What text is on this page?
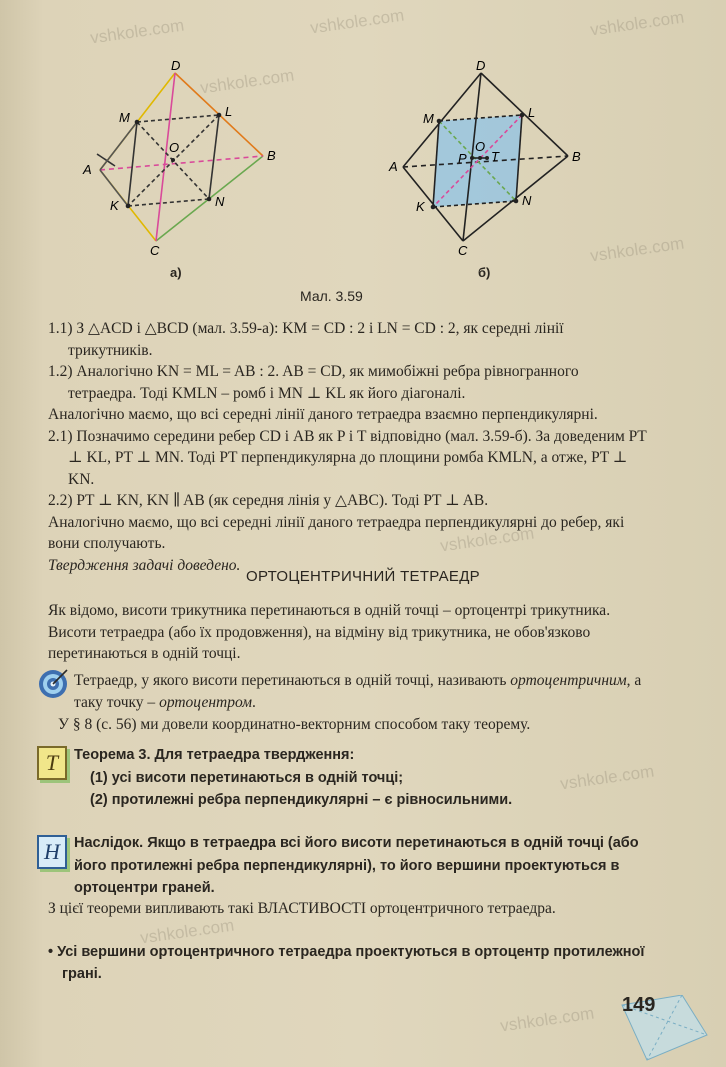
vshkole.com	vshkole.com	vshkole.com
vshkole.com
vshkole.com
vshkole.com
vshkole.com
vshkole.com
vshkole.com
D
M	L
O
A
B
K	N
C
а)
D
M	L
P
O
T
A
B
K	N
C
б)
Мал. 3.59

1.1) З △ACD і △BCD (мал. 3.59-а): KM = CD : 2 і LN = CD : 2, як середні лінії трикутників.

1.2) Аналогічно KN = ML = AB : 2. AB = CD, як мимобіжні ребра рівногранного тетраедра. Тоді KMLN – ромб і MN ⊥ KL як його діагоналі.

Аналогічно маємо, що всі середні лінії даного тетраедра взаємно перпендикулярні.

2.1) Позначимо середини ребер CD і AB як P і T відповідно (мал. 3.59-б). За доведеним PT ⊥ KL, PT ⊥ MN. Тоді PT перпендикулярна до площини ромба KMLN, а отже, PT ⊥ KN.

2.2) PT ⊥ KN, KN ∥ AB (як середня лінія у △ABC). Тоді PT ⊥ AB.

Аналогічно маємо, що всі середні лінії даного тетраедра перпендикулярні до ребер, які вони сполучають.

Твердження задачі доведено.

ОРТОЦЕНТРИЧНИЙ ТЕТРАЕДР

Як відомо, висоти трикутника перетинаються в одній точці – ортоцентрі трикутника. Висоти тетраедра (або їх продовження), на відміну від трикутника, не обов'язково перетинаються в одній точці.

Тетраедр, у якого висоти перетинаються в одній точці, називають ортоцентричним, а таку точку – ортоцентром.

У § 8 (с. 56) ми довели координатно-векторним способом таку теорему.

T	Теорема 3. Для тетраедра твердження:

(1) усі висоти перетинаються в одній точці;

(2) протилежні ребра перпендикулярні – є рівносильними.

Н Наслідок. Якщо в тетраедра всі його висоти перетинаються в одній точці (або його протилежні ребра перпендикулярні), то його вершини проектуються в ортоцентри граней.

З цієї теореми випливають такі ВЛАСТИВОСТІ ортоцентричного тетраедра.

• Усі вершини ортоцентричного тетраедра проектуються в ортоцентр протилежної грані.

149
